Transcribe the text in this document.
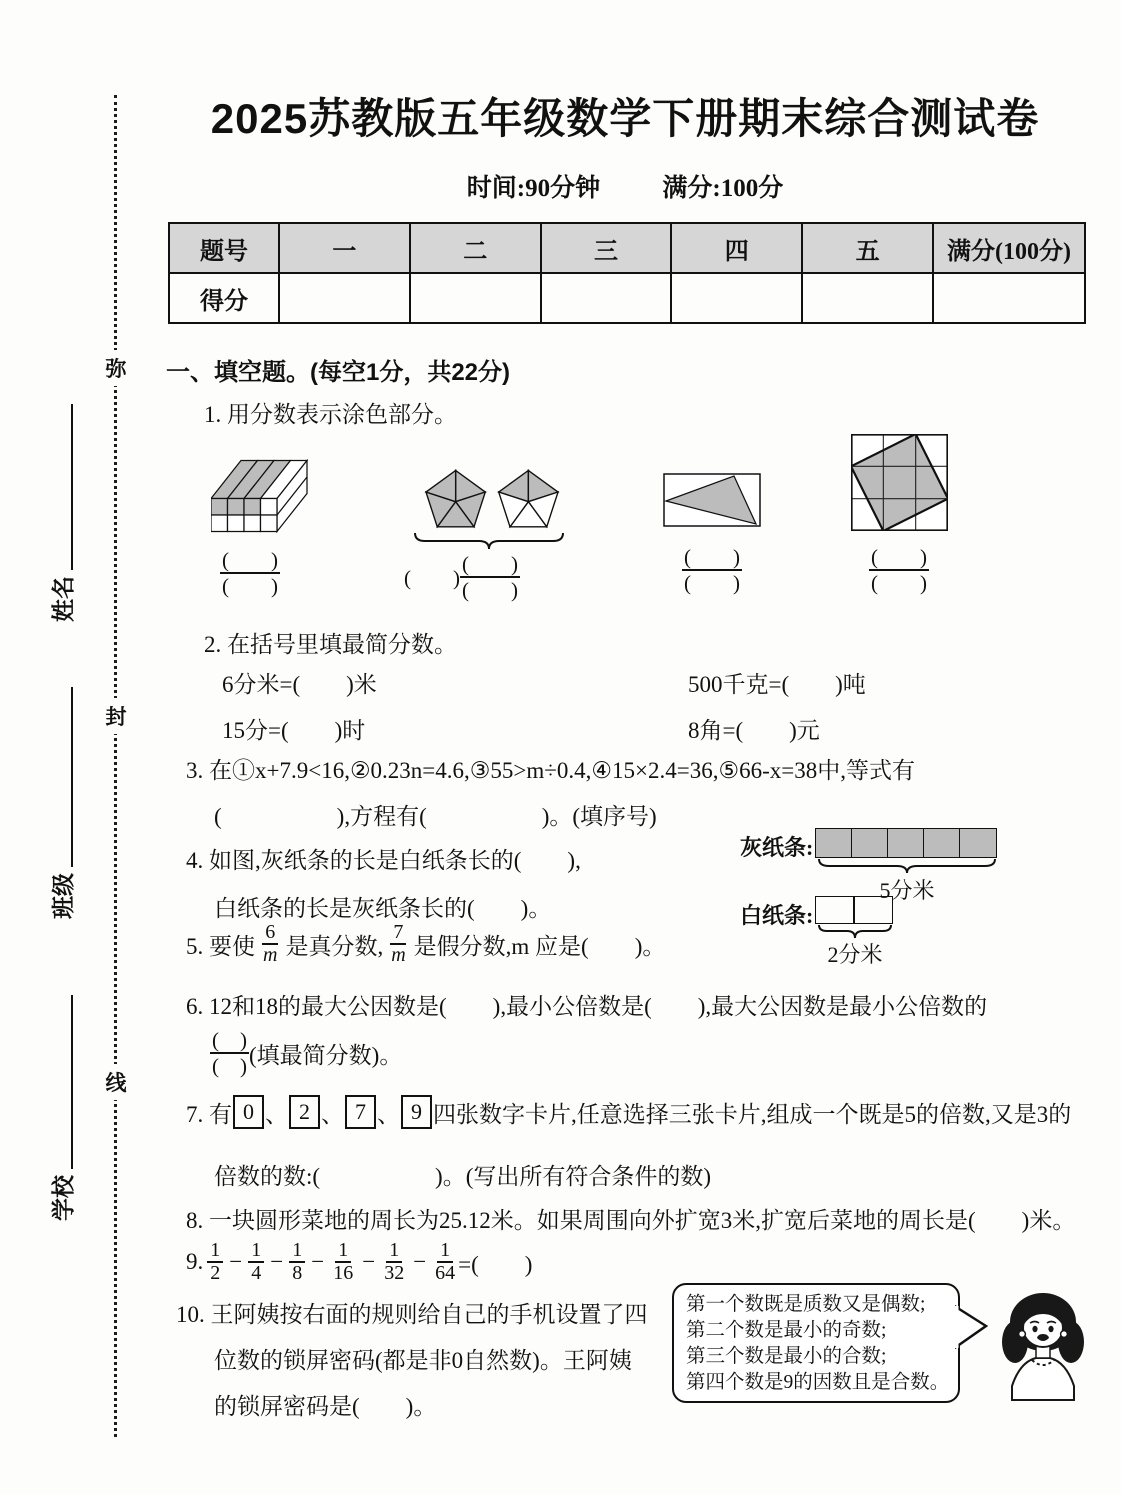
弥
封
线
姓名
班级
学校
2025苏教版五年级数学下册期末综合测试卷
时间:90分钟 满分:100分
题号	一	二	三	四	五	满分(100分)
得分						
一、填空题。(每空1分，共22分)
1. 用分数表示涂色部分。
(　　)
(　　)	(　　)
(　　)
(　　)
(　　)
(　　)
(　　)
(　　)
2. 在括号里填最简分数。
6分米=(　　)米	500千克=(　　)吨
15分=(　　)时	8角=(　　)元
3. 在①x+7.9<16,②0.23n=4.6,③55>m÷0.4,④15×2.4=36,⑤66-x=38中,等式有
(　　　　　),方程有(　　　　　)。(填序号)
4. 如图,灰纸条的长是白纸条长的(　　),
白纸条的长是灰纸条长的(　　)。
灰纸条:
5分米
白纸条:
2分米
5. 要使 $\frac{6}{m}$ 是真分数, $\frac{7}{m}$ 是假分数,m 应是(　　)。
6. 12和18的最大公因数是(　　),最小公倍数是(　　),最大公因数是最小公倍数的
(　)
(　) (填最简分数)。
7. 有 0 、 2 、 7 、 9 四张数字卡片,任意选择三张卡片,组成一个既是5的倍数,又是3的
倍数的数:(　　　　　)。(写出所有符合条件的数)
8. 一块圆形菜地的周长为25.12米。如果周围向外扩宽3米,扩宽后菜地的周长是(　　)米。
9. $\frac{1}{2} - \frac{1}{4} - \frac{1}{8} - \frac{1}{16} - \frac{1}{32} - \frac{1}{64}$ =(　　)
10. 王阿姨按右面的规则给自己的手机设置了四
位数的锁屏密码(都是非0自然数)。王阿姨
的锁屏密码是(　　)。
第一个数既是质数又是偶数;
第二个数是最小的奇数;
第三个数是最小的合数;
第四个数是9的因数且是合数。
